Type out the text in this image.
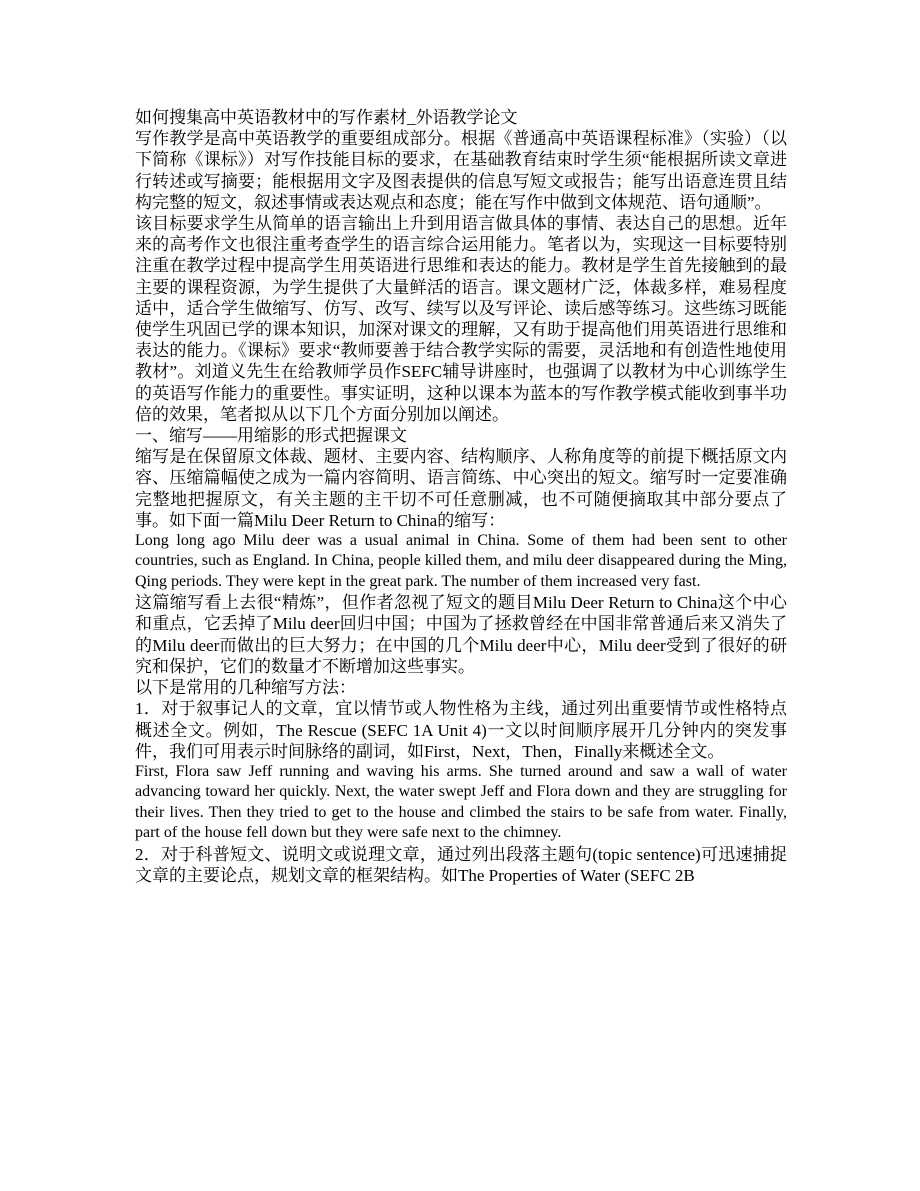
如何搜集高中英语教材中的写作素材_外语教学论文
写作教学是高中英语教学的重要组成部分。根据《普通高中英语课程标准》（实验）（以下简称《课标》）对写作技能目标的要求，在基础教育结束时学生须“能根据所读文章进行转述或写摘要；能根据用文字及图表提供的信息写短文或报告；能写出语意连贯且结构完整的短文，叙述事情或表达观点和态度；能在写作中做到文体规范、语句通顺”。
该目标要求学生从简单的语言输出上升到用语言做具体的事情、表达自己的思想。近年来的高考作文也很注重考查学生的语言综合运用能力。笔者以为，实现这一目标要特别注重在教学过程中提高学生用英语进行思维和表达的能力。教材是学生首先接触到的最主要的课程资源，为学生提供了大量鲜活的语言。课文题材广泛，体裁多样，难易程度适中，适合学生做缩写、仿写、改写、续写以及写评论、读后感等练习。这些练习既能使学生巩固已学的课本知识，加深对课文的理解，又有助于提高他们用英语进行思维和表达的能力。《课标》要求“教师要善于结合教学实际的需要，灵活地和有创造性地使用教材”。刘道义先生在给教师学员作SEFC辅导讲座时，也强调了以教材为中心训练学生的英语写作能力的重要性。事实证明，这种以课本为蓝本的写作教学模式能收到事半功倍的效果，笔者拟从以下几个方面分别加以阐述。
一、缩写——用缩影的形式把握课文
缩写是在保留原文体裁、题材、主要内容、结构顺序、人称角度等的前提下概括原文内容、压缩篇幅使之成为一篇内容简明、语言简练、中心突出的短文。缩写时一定要准确完整地把握原文，有关主题的主干切不可任意删减，也不可随便摘取其中部分要点了事。如下面一篇Milu Deer Return to China的缩写：
Long long ago Milu deer was a usual animal in China. Some of them had been sent to other countries, such as England. In China, people killed them, and milu deer disappeared during the Ming, Qing periods. They were kept in the great park. The number of them increased very fast.
这篇缩写看上去很“精炼”，但作者忽视了短文的题目Milu Deer Return to China这个中心和重点，它丢掉了Milu deer回归中国；中国为了拯救曾经在中国非常普通后来又消失了的Milu deer而做出的巨大努力；在中国的几个Milu deer中心，Milu deer受到了很好的研究和保护，它们的数量才不断增加这些事实。
以下是常用的几种缩写方法：
1．对于叙事记人的文章，宜以情节或人物性格为主线，通过列出重要情节或性格特点概述全文。例如，The Rescue (SEFC 1A Unit 4)一文以时间顺序展开几分钟内的突发事件，我们可用表示时间脉络的副词，如First，Next，Then，Finally来概述全文。
First, Flora saw Jeff running and waving his arms. She turned around and saw a wall of water advancing toward her quickly. Next, the water swept Jeff and Flora down and they are struggling for their lives. Then they tried to get to the house and climbed the stairs to be safe from water. Finally, part of the house fell down but they were safe next to the chimney.
2．对于科普短文、说明文或说理文章，通过列出段落主题句(topic sentence)可迅速捕捉文章的主要论点，规划文章的框架结构。如The Properties of Water (SEFC 2B
